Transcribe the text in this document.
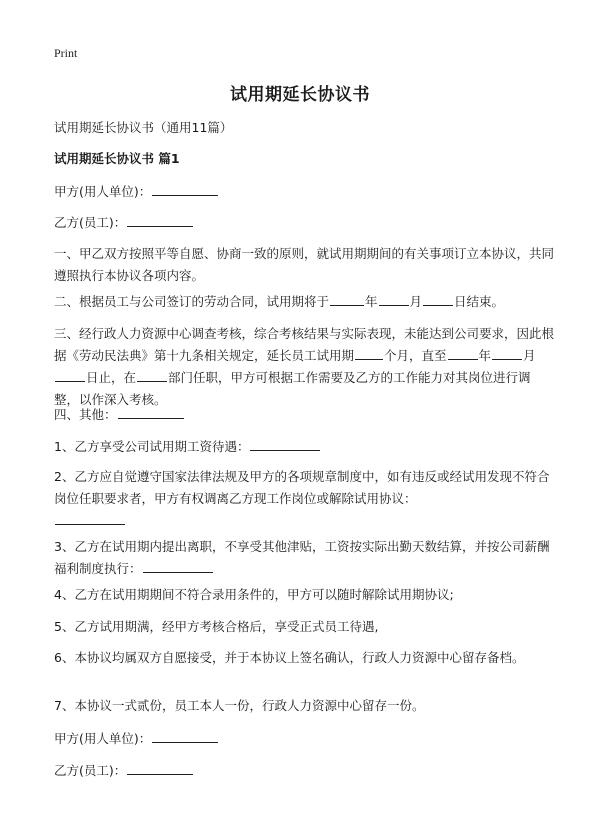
Print
试用期延长协议书

试用期延长协议书（通用11篇）

试用期延长协议书 篇1

甲方(用人单位)：

乙方(员工)：

一、甲乙双方按照平等自愿、协商一致的原则，就试用期期间的有关事项订立本协议，共同遵照执行本协议各项内容。

二、根据员工与公司签订的劳动合同，试用期将于	年	月	日结束。

三、经行政人力资源中心调查考核，综合考核结果与实际表现，未能达到公司要求，因此根据《劳动民法典》第十九条相关规定，延长员工试用期 个月，直至	年	月日止，在	部门任职，甲方可根据工作需要及乙方的工作能力对其岗位进行调整，以作深入考核。

四、其他：

1、乙方享受公司试用期工资待遇：

2、乙方应自觉遵守国家法律法规及甲方的各项规章制度中，如有违反或经试用发现不符合岗位任职要求者，甲方有权调离乙方现工作岗位或解除试用协议：

3、乙方在试用期内提出离职，不享受其他津贴，工资按实际出勤天数结算，并按公司薪酬福利制度执行：

4、乙方在试用期期间不符合录用条件的，甲方可以随时解除试用期协议;

5、乙方试用期满，经甲方考核合格后，享受正式员工待遇,

6、本协议均属双方自愿接受，并于本协议上签名确认，行政人力资源中心留存备档。

7、本协议一式贰份，员工本人一份，行政人力资源中心留存一份。

甲方(用人单位)：

乙方(员工)：
